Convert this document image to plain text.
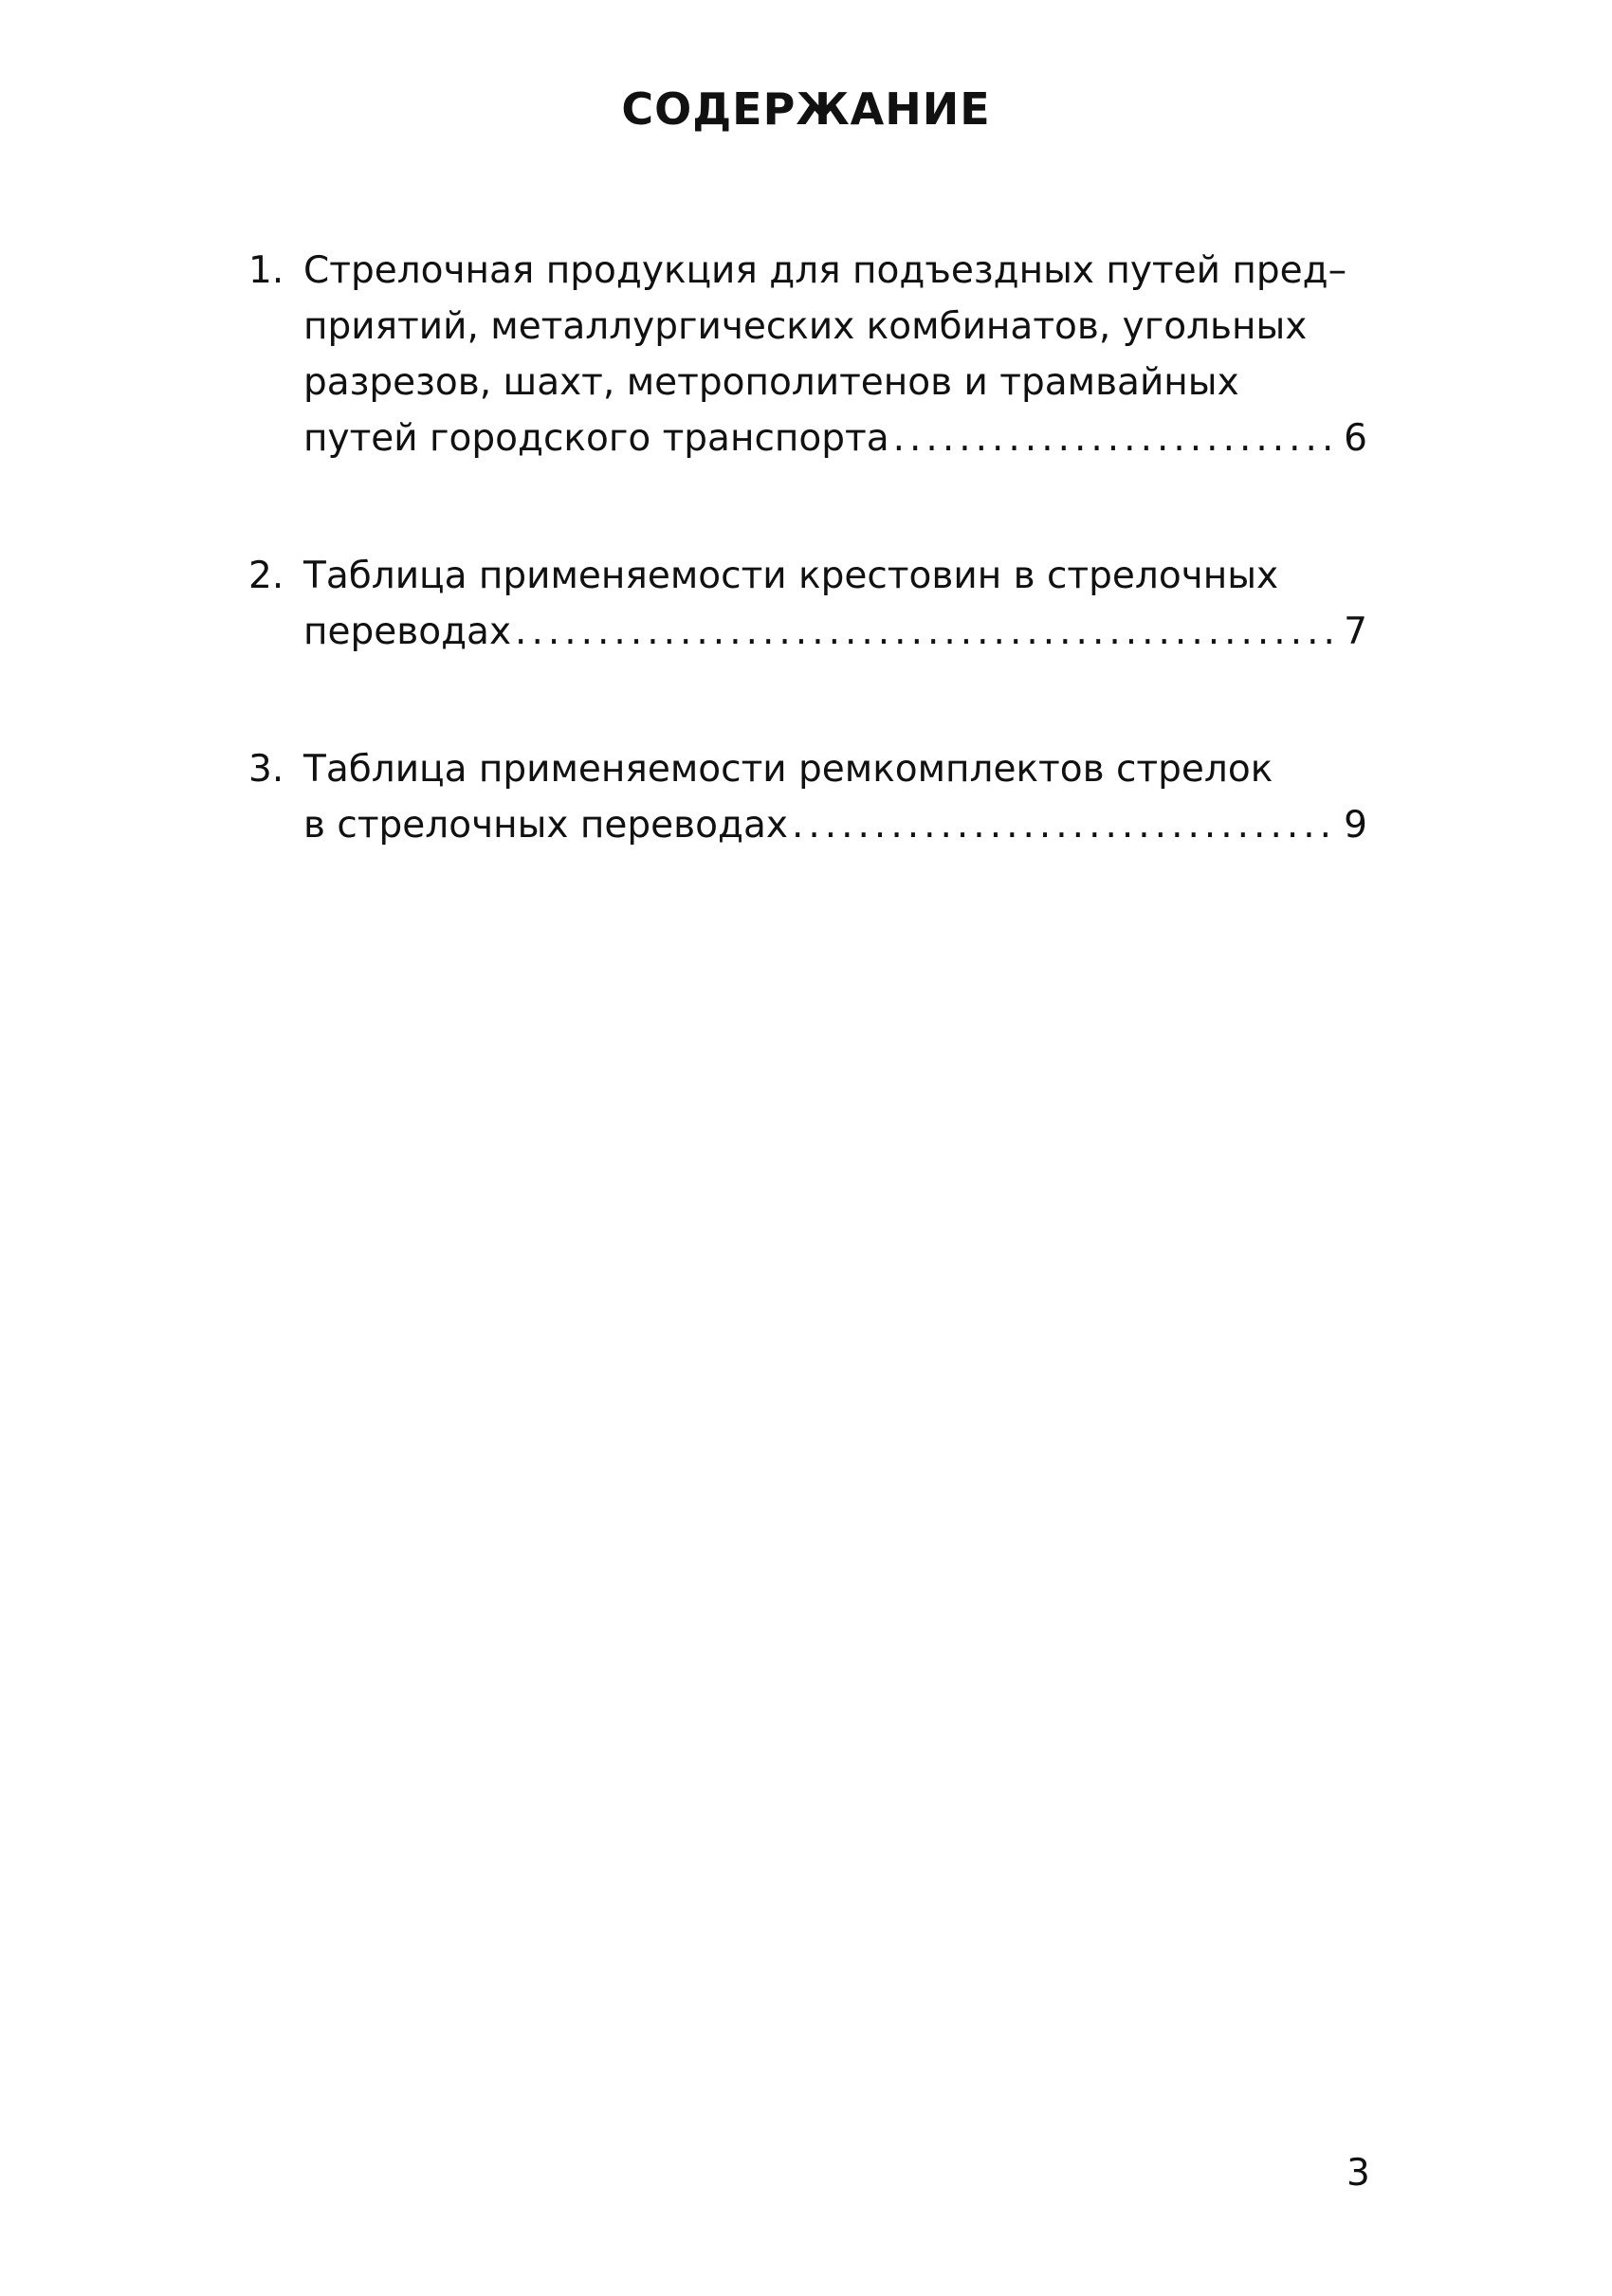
СОДЕРЖАНИЕ
1. Стрелочная продукция для подъездных путей пред–
приятий, металлургических комбинатов, угольных
разрезов, шахт, метрополитенов и трамвайных
путей городского транспорта .....	6
2. Таблица применяемости крестовин в стрелочных
переводах .....	7
3. Таблица применяемости ремкомплектов стрелок
в стрелочных переводах .....	9
3
